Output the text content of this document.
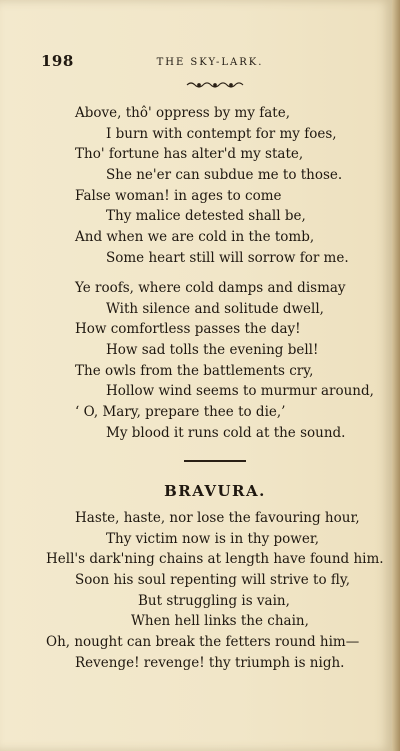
198	THE SKY-LARK.
Above, thô' oppress by my fate,
I burn with contempt for my foes,
Tho' fortune has alter'd my state,
She ne'er can subdue me to those.
False woman! in ages to come
Thy malice detested shall be,
And when we are cold in the tomb,
Some heart still will sorrow for me.
Ye roofs, where cold damps and dismay
With silence and solitude dwell,
How comfortless passes the day!
How sad tolls the evening bell!
The owls from the battlements cry,
Hollow wind seems to murmur around,
‘ O, Mary, prepare thee to die,’
My blood it runs cold at the sound.
BRAVURA.
Haste, haste, nor lose the favouring hour,
Thy victim now is in thy power,
Hell's dark'ning chains at length have found him.
Soon his soul repenting will strive to fly,
But struggling is vain,
When hell links the chain,
Oh, nought can break the fetters round him—
Revenge! revenge! thy triumph is nigh.
